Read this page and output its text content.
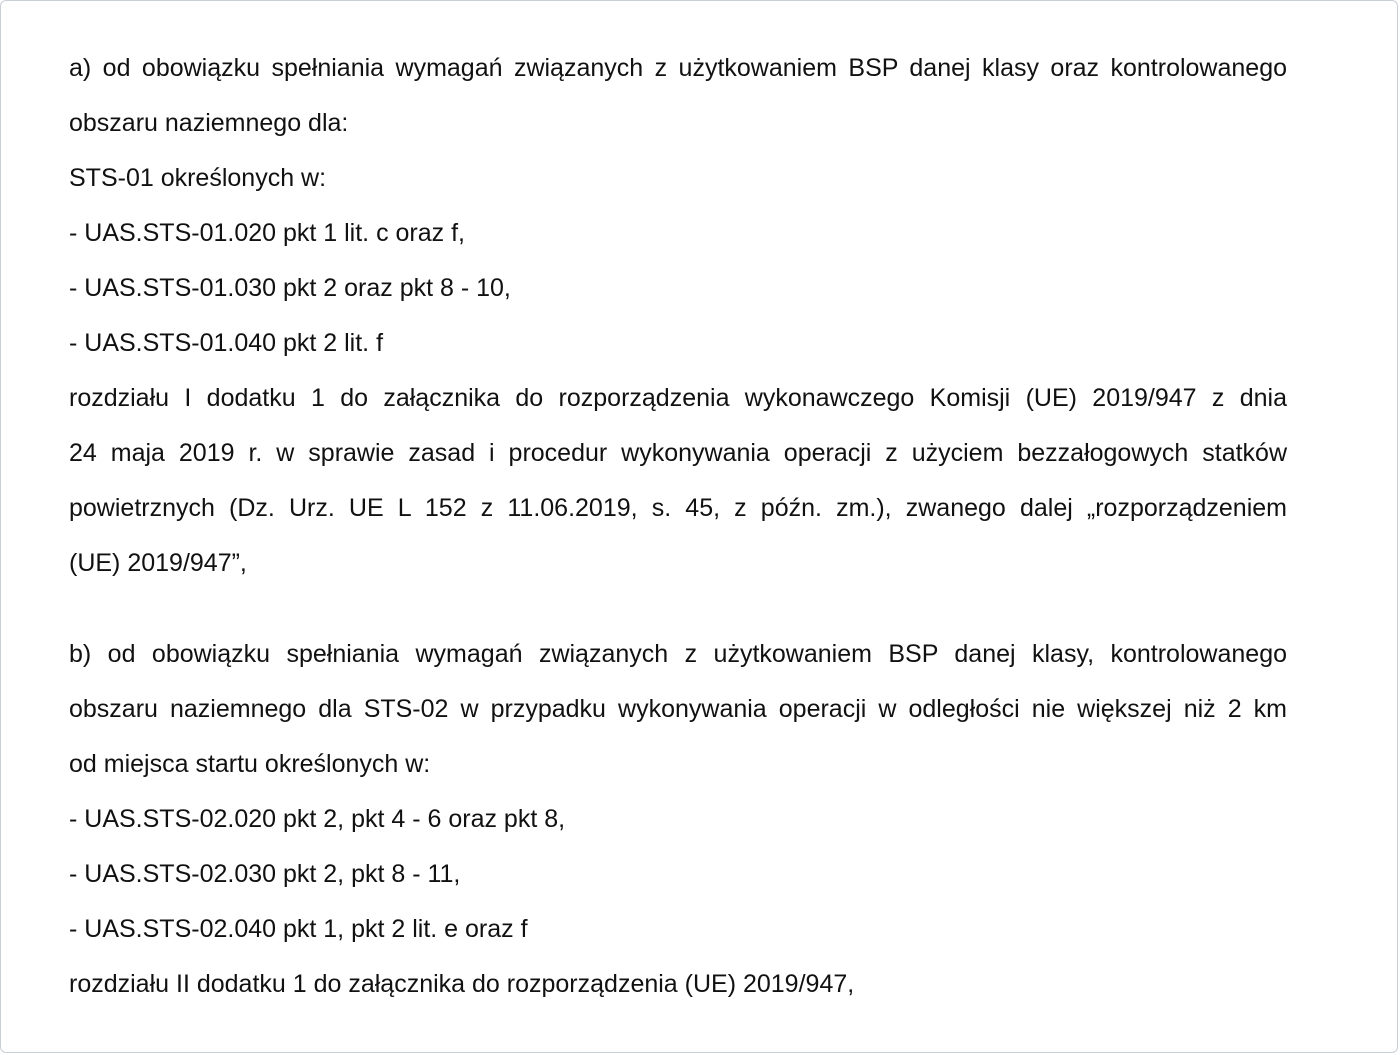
a) od obowiązku spełniania wymagań związanych z użytkowaniem BSP danej klasy oraz kontrolowanego
obszaru naziemnego dla:
STS-01 określonych w:
- UAS.STS-01.020 pkt 1 lit. c oraz f,
- UAS.STS-01.030 pkt 2 oraz pkt 8 - 10,
- UAS.STS-01.040 pkt 2 lit. f
rozdziału I dodatku 1 do załącznika do rozporządzenia wykonawczego Komisji (UE) 2019/947 z dnia
24 maja 2019 r. w sprawie zasad i procedur wykonywania operacji z użyciem bezzałogowych statków
powietrznych (Dz. Urz. UE L 152 z 11.06.2019, s. 45, z późn. zm.), zwanego dalej „rozporządzeniem
(UE) 2019/947”,
b) od obowiązku spełniania wymagań związanych z użytkowaniem BSP danej klasy, kontrolowanego
obszaru naziemnego dla STS-02 w przypadku wykonywania operacji w odległości nie większej niż 2 km
od miejsca startu określonych w:
- UAS.STS-02.020 pkt 2, pkt 4 - 6 oraz pkt 8,
- UAS.STS-02.030 pkt 2, pkt 8 - 11,
- UAS.STS-02.040 pkt 1, pkt 2 lit. e oraz f
rozdziału II dodatku 1 do załącznika do rozporządzenia (UE) 2019/947,
